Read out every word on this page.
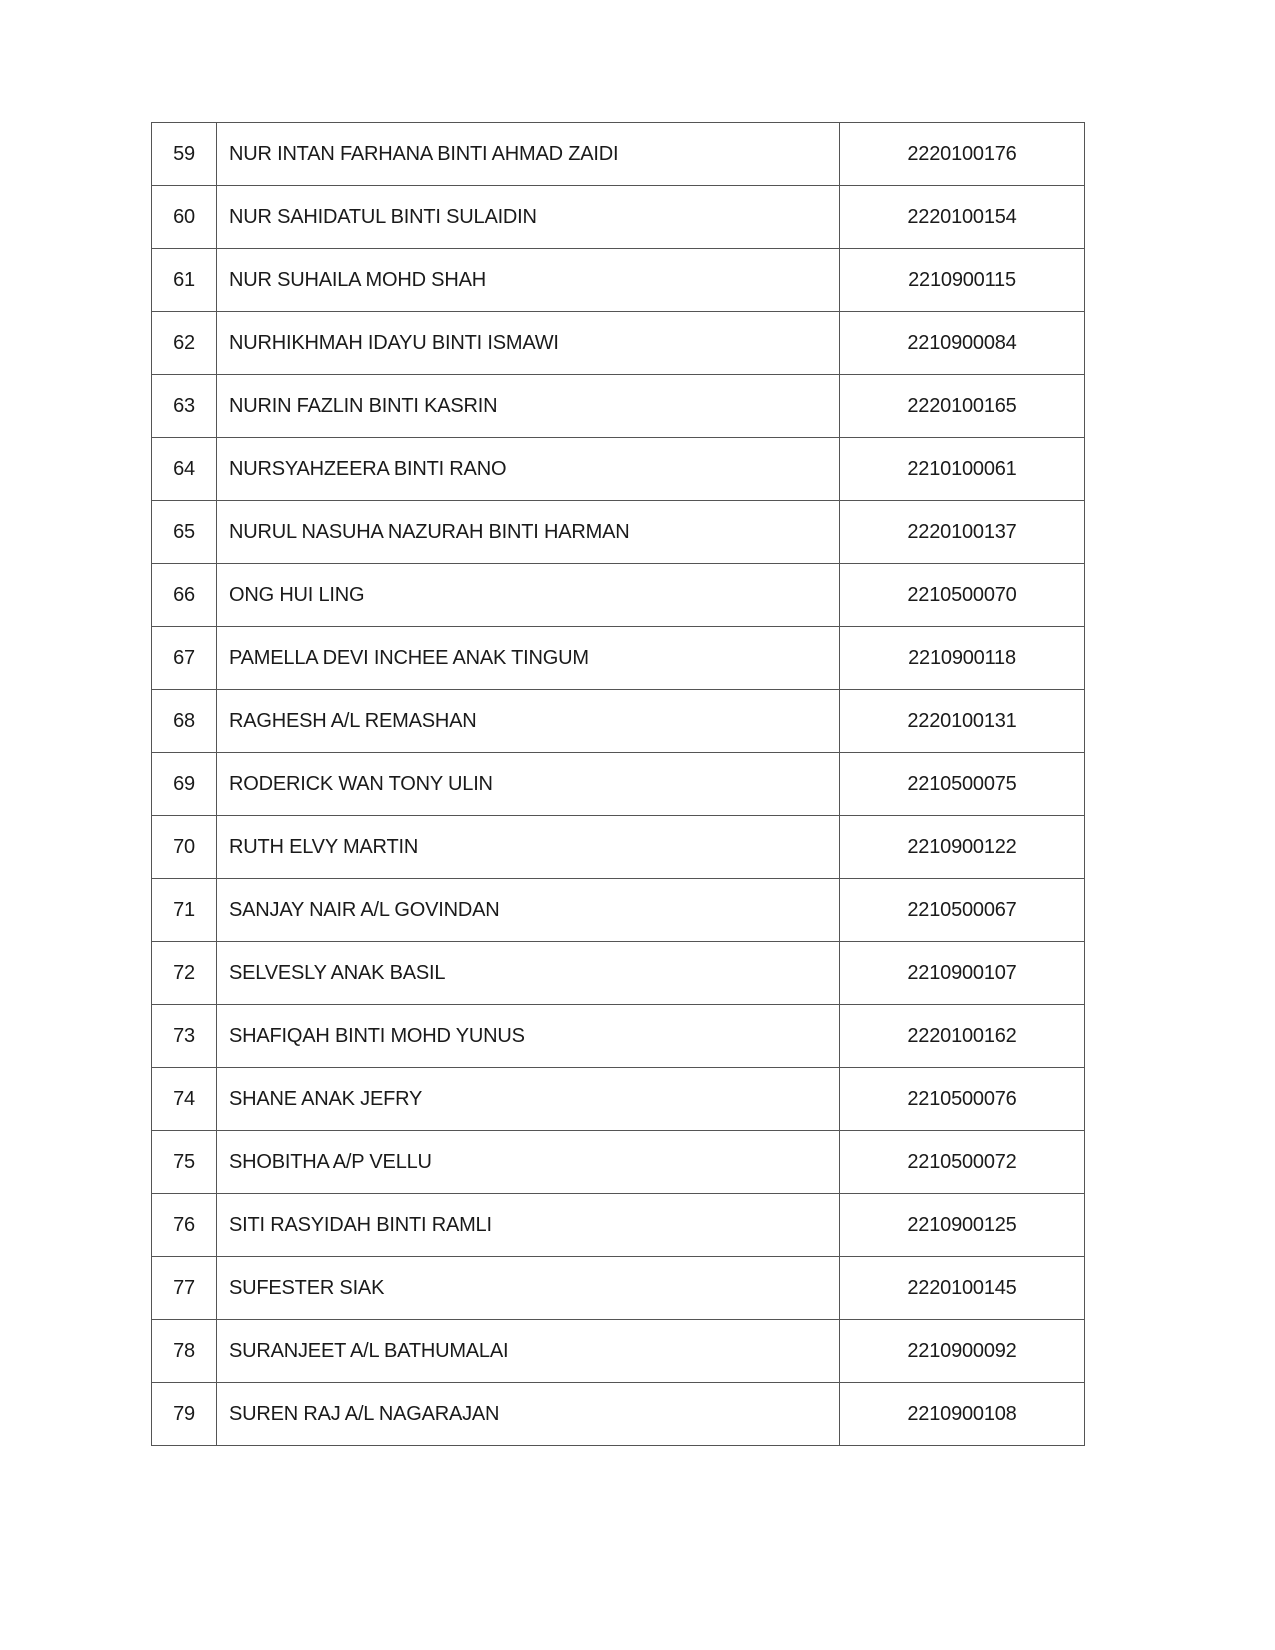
59	NUR INTAN FARHANA BINTI AHMAD ZAIDI	2220100176
60	NUR SAHIDATUL BINTI SULAIDIN	2220100154
61	NUR SUHAILA MOHD SHAH	2210900115
62	NURHIKHMAH IDAYU BINTI ISMAWI	2210900084
63	NURIN FAZLIN BINTI KASRIN	2220100165
64	NURSYAHZEERA BINTI RANO	2210100061
65	NURUL NASUHA NAZURAH BINTI HARMAN	2220100137
66	ONG HUI LING	2210500070
67	PAMELLA DEVI INCHEE ANAK TINGUM	2210900118
68	RAGHESH A/L REMASHAN	2220100131
69	RODERICK WAN TONY ULIN	2210500075
70	RUTH ELVY MARTIN	2210900122
71	SANJAY NAIR A/L GOVINDAN	2210500067
72	SELVESLY ANAK BASIL	2210900107
73	SHAFIQAH BINTI MOHD YUNUS	2220100162
74	SHANE ANAK JEFRY	2210500076
75	SHOBITHA A/P VELLU	2210500072
76	SITI RASYIDAH BINTI RAMLI	2210900125
77	SUFESTER SIAK	2220100145
78	SURANJEET A/L BATHUMALAI	2210900092
79	SUREN RAJ A/L NAGARAJAN	2210900108
